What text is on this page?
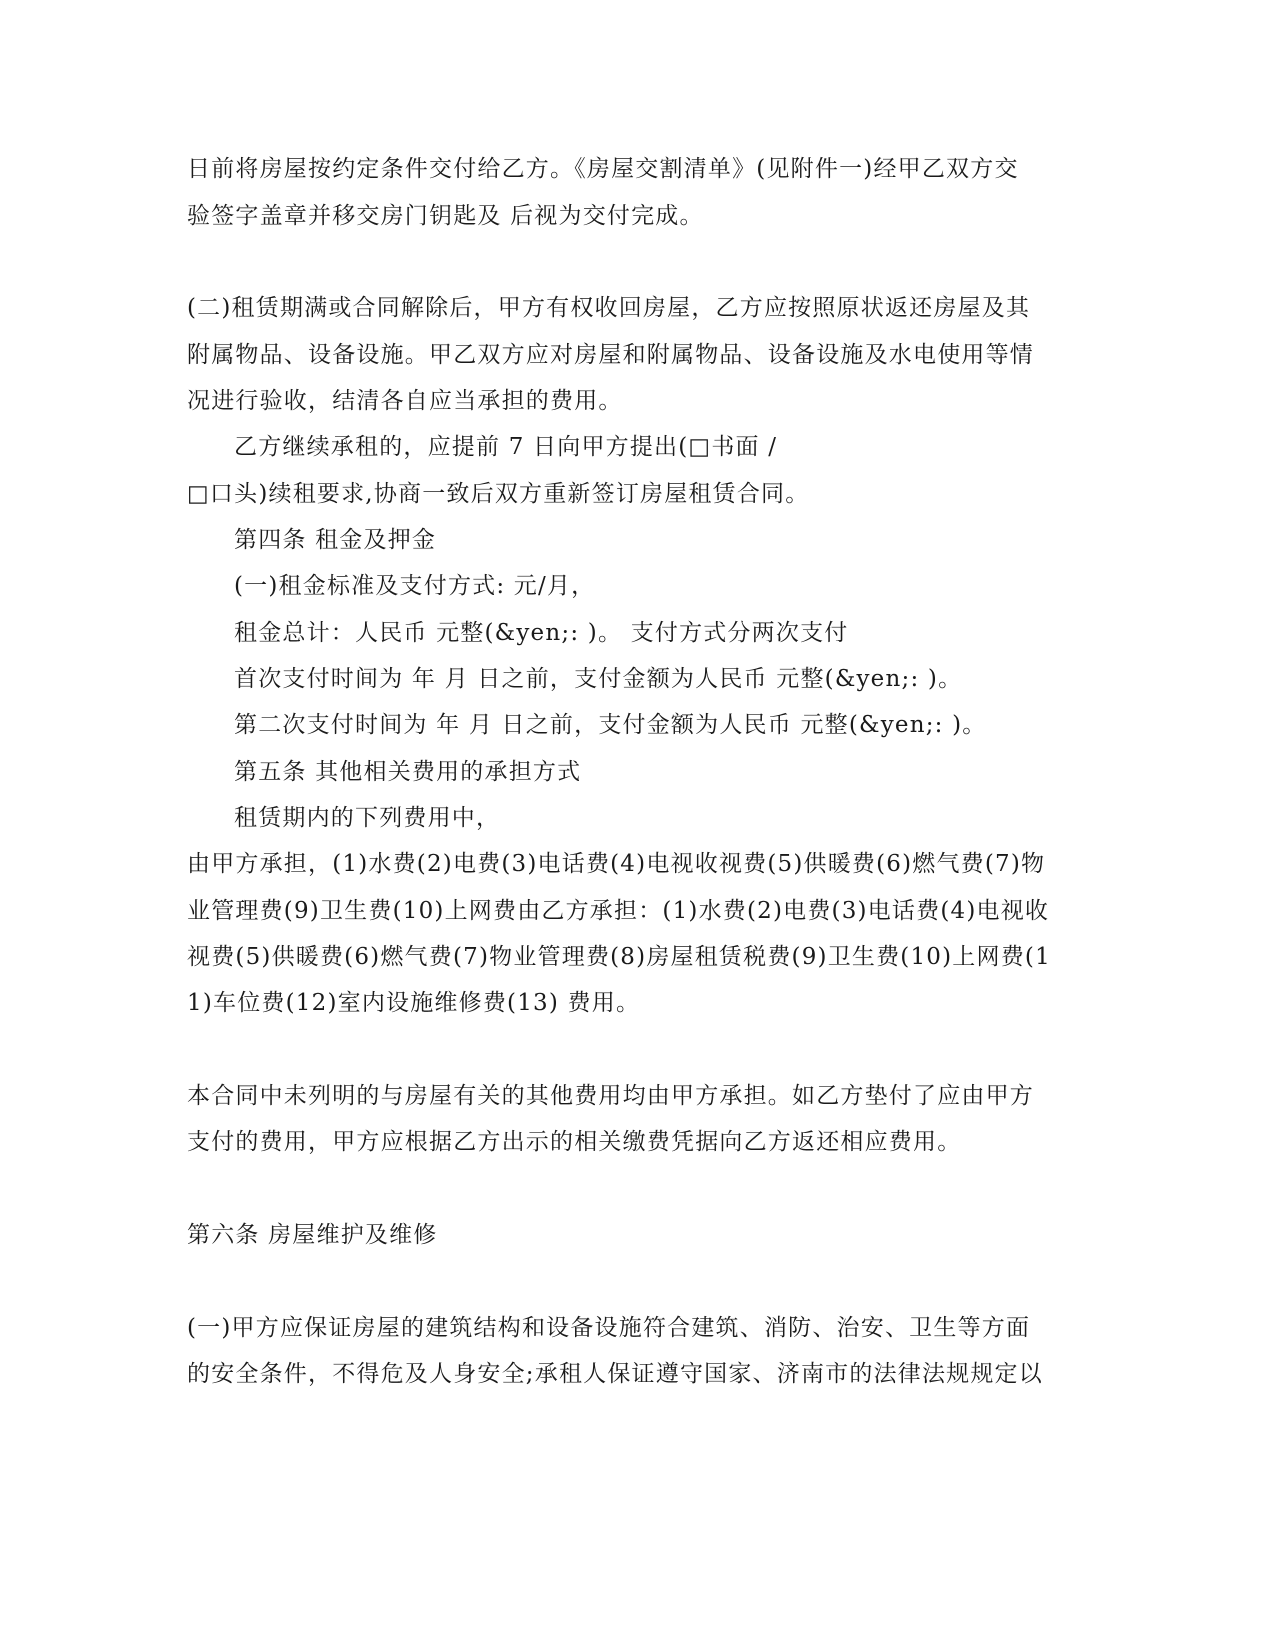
日前将房屋按约定条件交付给乙方。《房屋交割清单》(见附件一)经甲乙双方交
验签字盖章并移交房门钥匙及 后视为交付完成。
(二)租赁期满或合同解除后，甲方有权收回房屋，乙方应按照原状返还房屋及其
附属物品、设备设施。甲乙双方应对房屋和附属物品、设备设施及水电使用等情
况进行验收，结清各自应当承担的费用。
乙方继续承租的，应提前 7 日向甲方提出(□书面 /
□口头)续租要求,协商一致后双方重新签订房屋租赁合同。
第四条 租金及押金
(一)租金标准及支付方式: 元/月，
租金总计：人民币 元整(&yen;: )。 支付方式分两次支付
首次支付时间为 年 月 日之前，支付金额为人民币 元整(&yen;: )。
第二次支付时间为 年 月 日之前，支付金额为人民币 元整(&yen;: )。
第五条 其他相关费用的承担方式
租赁期内的下列费用中，
由甲方承担，(1)水费(2)电费(3)电话费(4)电视收视费(5)供暖费(6)燃气费(7)物
业管理费(9)卫生费(10)上网费由乙方承担：(1)水费(2)电费(3)电话费(4)电视收
视费(5)供暖费(6)燃气费(7)物业管理费(8)房屋租赁税费(9)卫生费(10)上网费(1
1)车位费(12)室内设施维修费(13) 费用。
本合同中未列明的与房屋有关的其他费用均由甲方承担。如乙方垫付了应由甲方
支付的费用，甲方应根据乙方出示的相关缴费凭据向乙方返还相应费用。
第六条 房屋维护及维修
(一)甲方应保证房屋的建筑结构和设备设施符合建筑、消防、治安、卫生等方面
的安全条件，不得危及人身安全;承租人保证遵守国家、济南市的法律法规规定以
